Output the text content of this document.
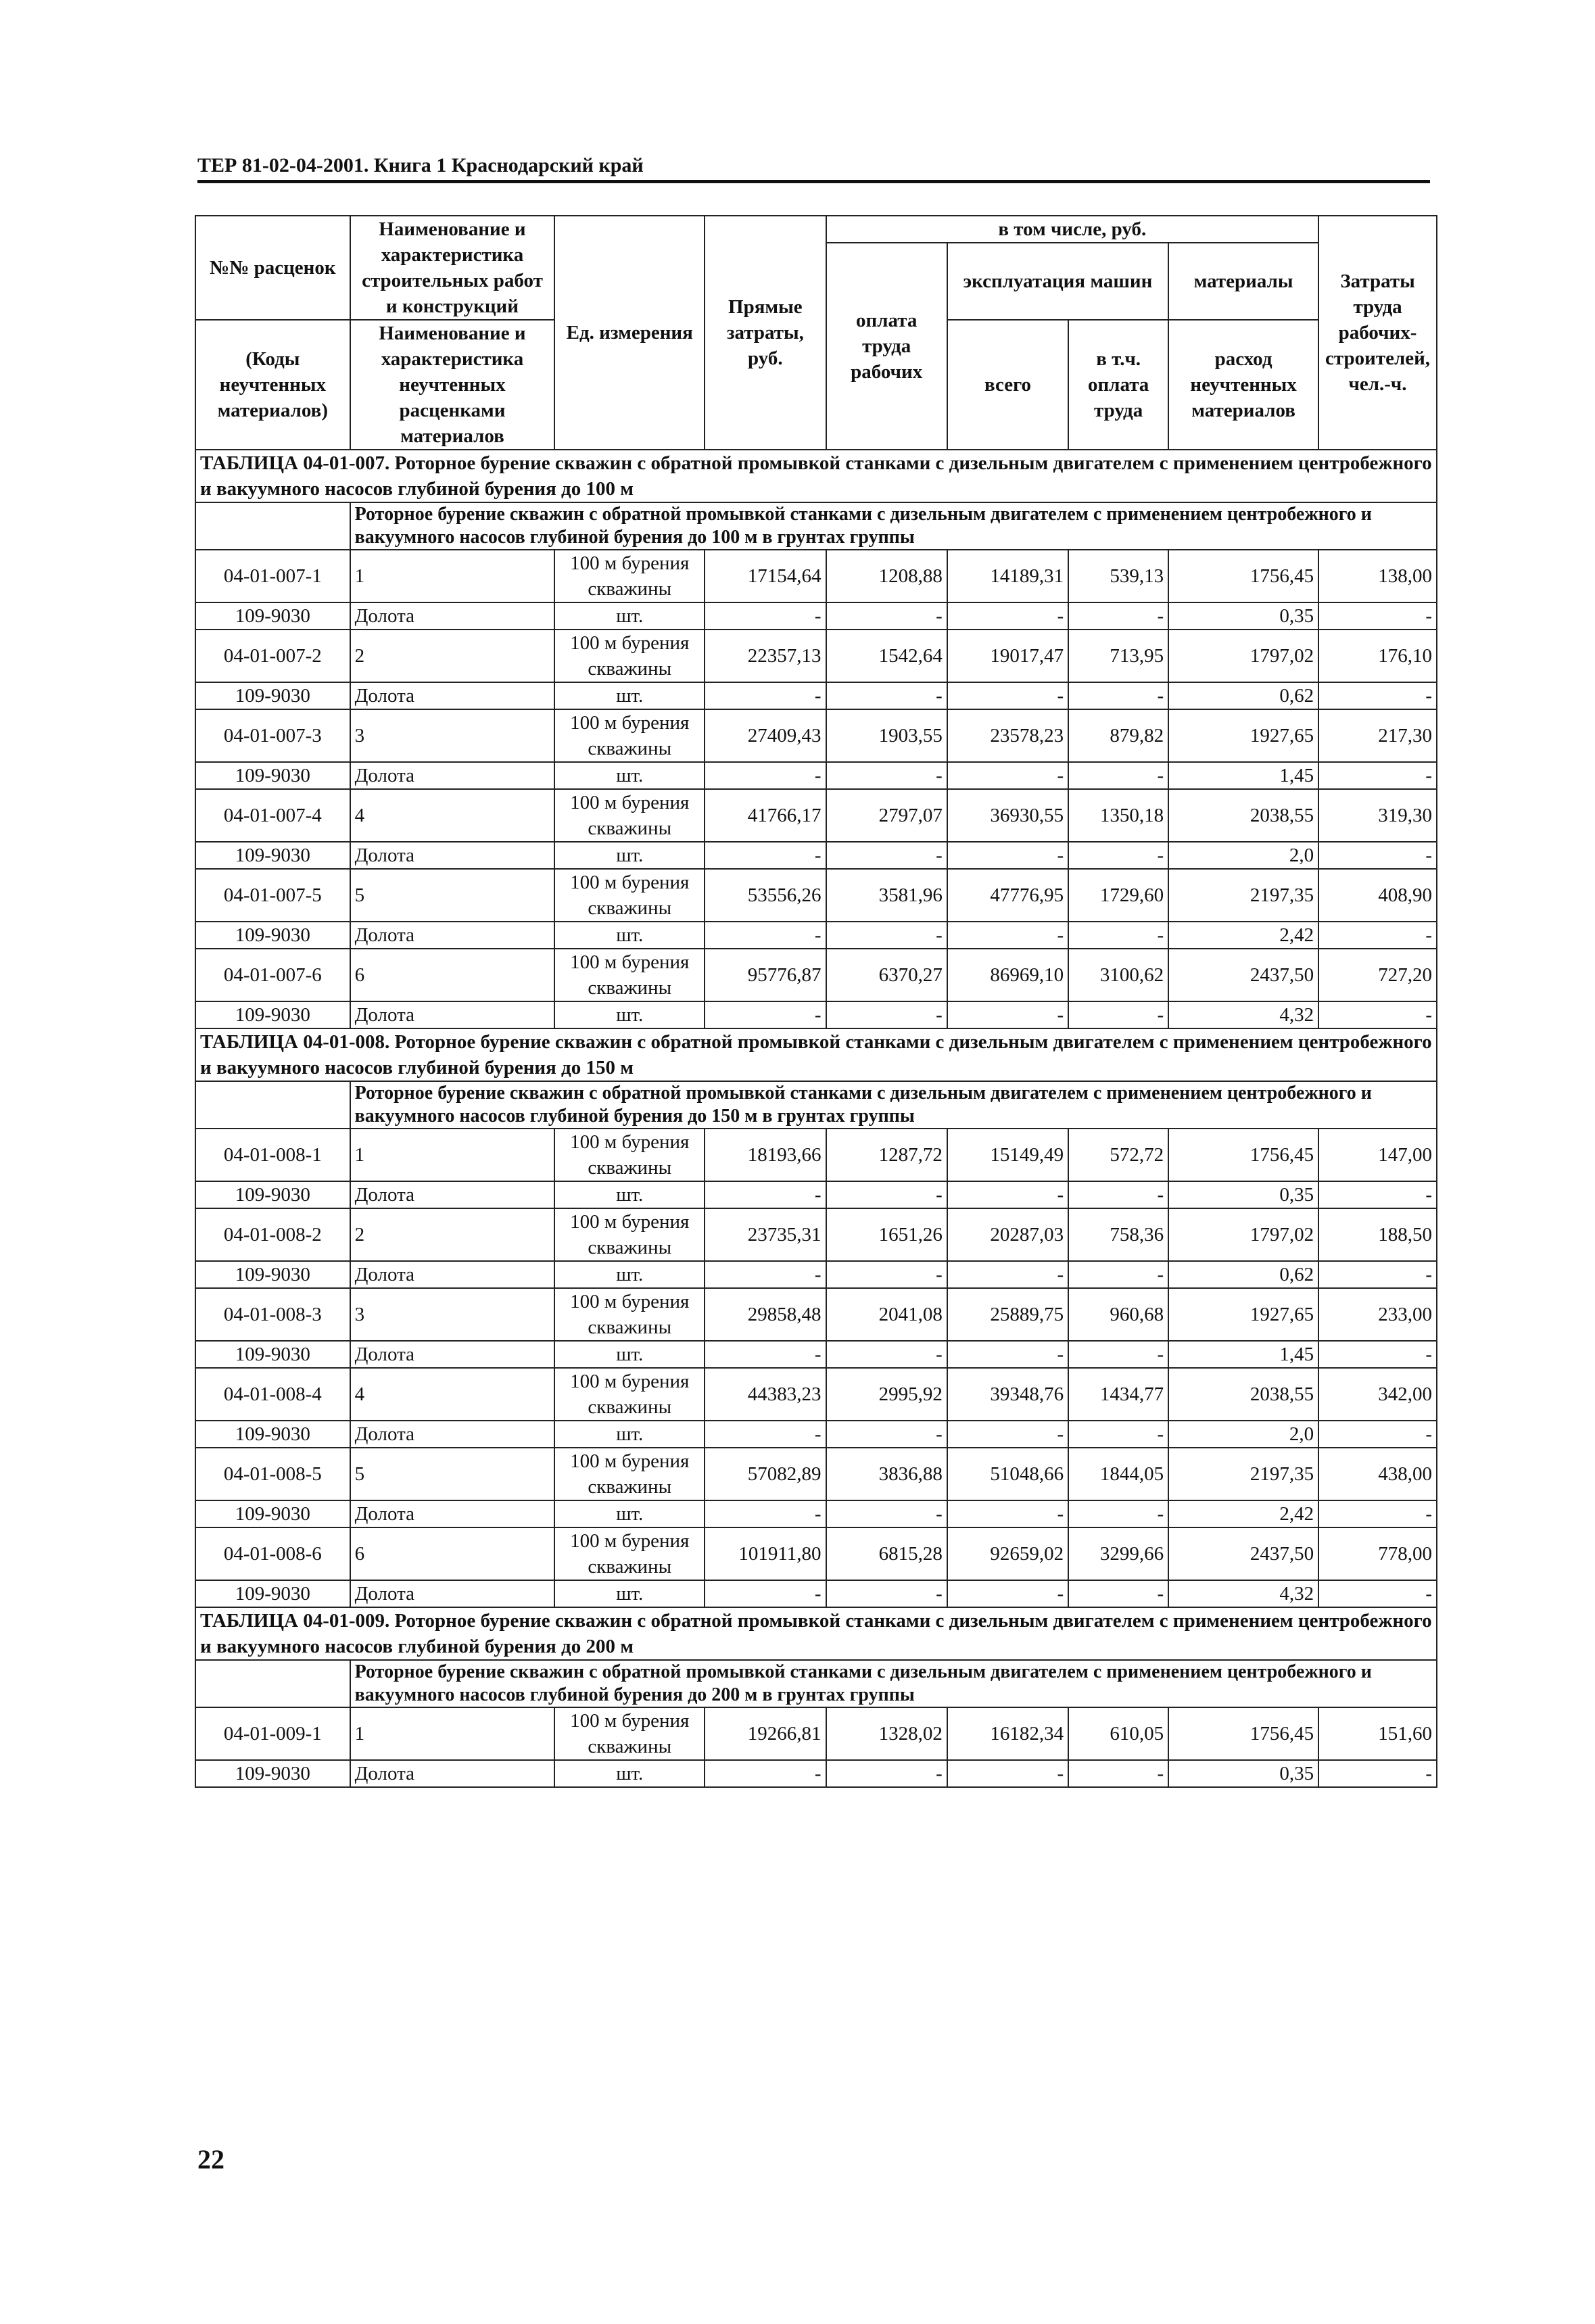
ТЕР 81-02-04-2001. Книга 1 Краснодарский край
№№ расценок	Наименование и характеристика строительных работ и конструкций	Ед. измерения	Прямые затраты, руб.	в том числе, руб.				Затраты труда рабочих-строителей, чел.-ч.
				оплата труда рабочих	эксплуатация машин		материалы	
(Коды неучтенных материалов)	Наименование и характеристика неучтенных расценками материалов				всего	в т.ч. оплата труда	расход неучтенных материалов	

ТАБЛИЦА 04-01-007. Роторное бурение скважин с обратной промывкой станками с дизельным двигателем с применением центробежного и вакуумного насосов глубиной бурения до 100 м								
	Роторное бурение скважин с обратной промывкой станками с дизельным двигателем с применением центробежного и вакуумного насосов глубиной бурения до 100 м в грунтах группы							
04-01-007-1	1	100 м бурения скважины	17154,64	1208,88	14189,31	539,13	1756,45	138,00
109-9030	Долота	шт.	-	-	-	-	0,35	-
04-01-007-2	2	100 м бурения скважины	22357,13	1542,64	19017,47	713,95	1797,02	176,10
109-9030	Долота	шт.	-	-	-	-	0,62	-
04-01-007-3	3	100 м бурения скважины	27409,43	1903,55	23578,23	879,82	1927,65	217,30
109-9030	Долота	шт.	-	-	-	-	1,45	-
04-01-007-4	4	100 м бурения скважины	41766,17	2797,07	36930,55	1350,18	2038,55	319,30
109-9030	Долота	шт.	-	-	-	-	2,0	-
04-01-007-5	5	100 м бурения скважины	53556,26	3581,96	47776,95	1729,60	2197,35	408,90
109-9030	Долота	шт.	-	-	-	-	2,42	-
04-01-007-6	6	100 м бурения скважины	95776,87	6370,27	86969,10	3100,62	2437,50	727,20
109-9030	Долота	шт.	-	-	-	-	4,32	-
ТАБЛИЦА 04-01-008. Роторное бурение скважин с обратной промывкой станками с дизельным двигателем с применением центробежного и вакуумного насосов глубиной бурения до 150 м								
	Роторное бурение скважин с обратной промывкой станками с дизельным двигателем с применением центробежного и вакуумного насосов глубиной бурения до 150 м в грунтах группы							
04-01-008-1	1	100 м бурения скважины	18193,66	1287,72	15149,49	572,72	1756,45	147,00
109-9030	Долота	шт.	-	-	-	-	0,35	-
04-01-008-2	2	100 м бурения скважины	23735,31	1651,26	20287,03	758,36	1797,02	188,50
109-9030	Долота	шт.	-	-	-	-	0,62	-
04-01-008-3	3	100 м бурения скважины	29858,48	2041,08	25889,75	960,68	1927,65	233,00
109-9030	Долота	шт.	-	-	-	-	1,45	-
04-01-008-4	4	100 м бурения скважины	44383,23	2995,92	39348,76	1434,77	2038,55	342,00
109-9030	Долота	шт.	-	-	-	-	2,0	-
04-01-008-5	5	100 м бурения скважины	57082,89	3836,88	51048,66	1844,05	2197,35	438,00
109-9030	Долота	шт.	-	-	-	-	2,42	-
04-01-008-6	6	100 м бурения скважины	101911,80	6815,28	92659,02	3299,66	2437,50	778,00
109-9030	Долота	шт.	-	-	-	-	4,32	-
ТАБЛИЦА 04-01-009. Роторное бурение скважин с обратной промывкой станками с дизельным двигателем с применением центробежного и вакуумного насосов глубиной бурения до 200 м								
	Роторное бурение скважин с обратной промывкой станками с дизельным двигателем с применением центробежного и вакуумного насосов глубиной бурения до 200 м в грунтах группы							
04-01-009-1	1	100 м бурения скважины	19266,81	1328,02	16182,34	610,05	1756,45	151,60
109-9030	Долота	шт.	-	-	-	-	0,35	-
22
